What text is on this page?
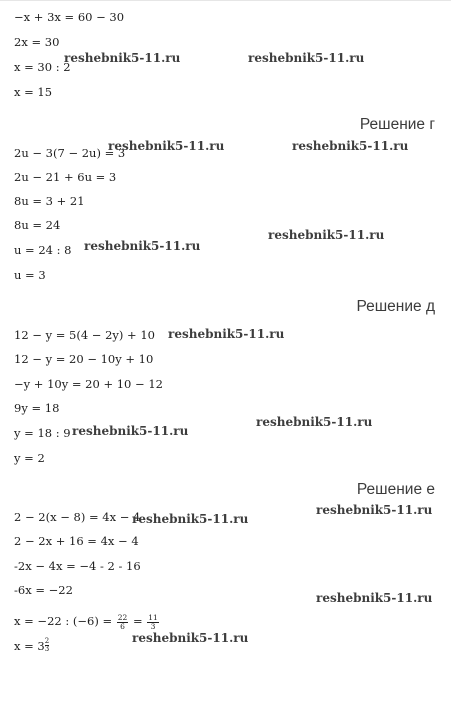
−x + 3x = 60 − 30
2x = 30
x = 30 : 2
x = 15
Решение г
2u − 3(7 − 2u) = 3
2u − 21 + 6u = 3
8u = 3 + 21
8u = 24
u = 24 : 8
u = 3
Решение д
12 − y = 5(4 − 2y) + 10
12 − y = 20 − 10y + 10
−y + 10y = 20 + 10 − 12
9y = 18
y = 18 : 9
y = 2
Решение е
2 − 2(x − 8) = 4x − 4
2 − 2x + 16 = 4x − 4
-2x − 4x = −4 - 2 - 16
-6x = −22
x = −22 : $(-6) = \frac{22}{6} = \frac{11}{3}$
$x = 3 \frac{2}{3}$
reshebnik5-11.ru	reshebnik5-11.ru
reshebnik5-11.ru	reshebnik5-11.ru
reshebnik5-11.ru
reshebnik5-11.ru
reshebnik5-11.ru
reshebnik5-11.ru
reshebnik5-11.ru
reshebnik5-11.ru
reshebnik5-11.ru
reshebnik5-11.ru
reshebnik5-11.ru
